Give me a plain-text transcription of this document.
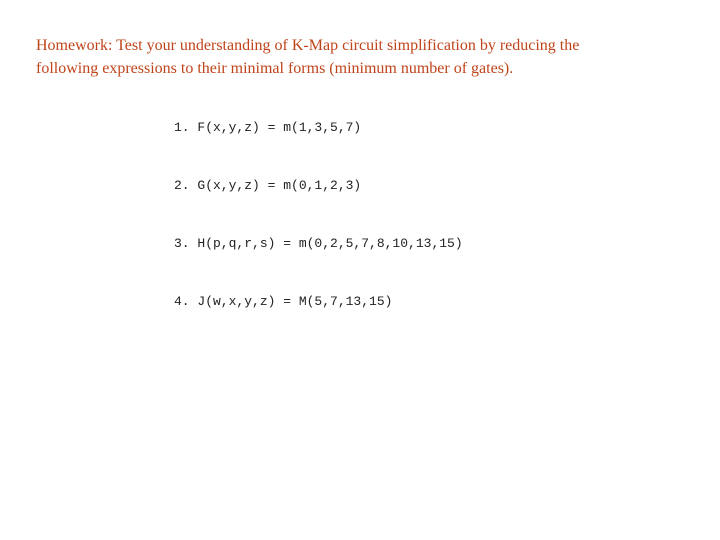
Homework: Test your understanding of K-Map circuit simplification by reducing the
following expressions to their minimal forms (minimum number of gates).

1. F(x,y,z) = m(1,3,5,7)
2. G(x,y,z) = m(0,1,2,3)
3. H(p,q,r,s) = m(0,2,5,7,8,10,13,15)
4. J(w,x,y,z) = M(5,7,13,15)
